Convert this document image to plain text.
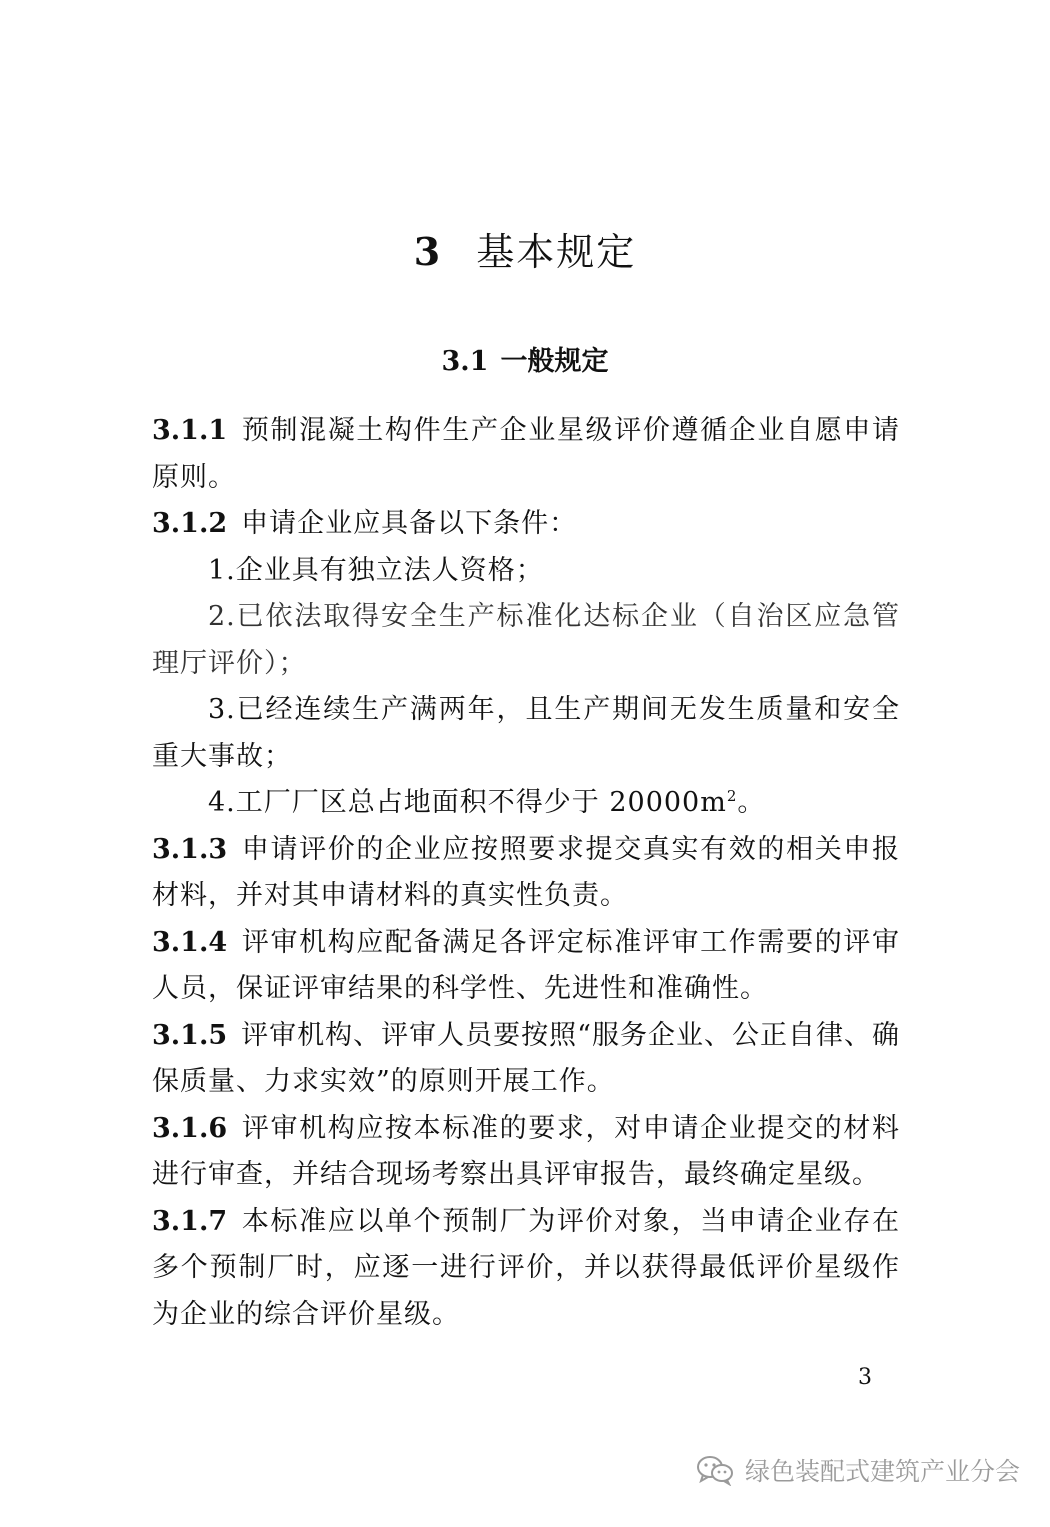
3 基本规定
3.1 一般规定

3.1.1 预制混凝土构件生产企业星级评价遵循企业自愿申请原则。

3.1.2 申请企业应具备以下条件：

1.企业具有独立法人资格；

2.已依法取得安全生产标准化达标企业（自治区应急管理厅评价）；

3.已经连续生产满两年，且生产期间无发生质量和安全重大事故；

4.工厂厂区总占地面积不得少于 $20000m^2$。

3.1.3 申请评价的企业应按照要求提交真实有效的相关申报材料，并对其申请材料的真实性负责。

3.1.4 评审机构应配备满足各评定标准评审工作需要的评审人员，保证评审结果的科学性、先进性和准确性。

3.1.5 评审机构、评审人员要按照“服务企业、公正自律、确保质量、力求实效”的原则开展工作。

3.1.6 评审机构应按本标准的要求，对申请企业提交的材料进行审查，并结合现场考察出具评审报告，最终确定星级。

3.1.7 本标准应以单个预制厂为评价对象，当申请企业存在多个预制厂时，应逐一进行评价，并以获得最低评价星级作为企业的综合评价星级。

3
绿色装配式建筑产业分会
